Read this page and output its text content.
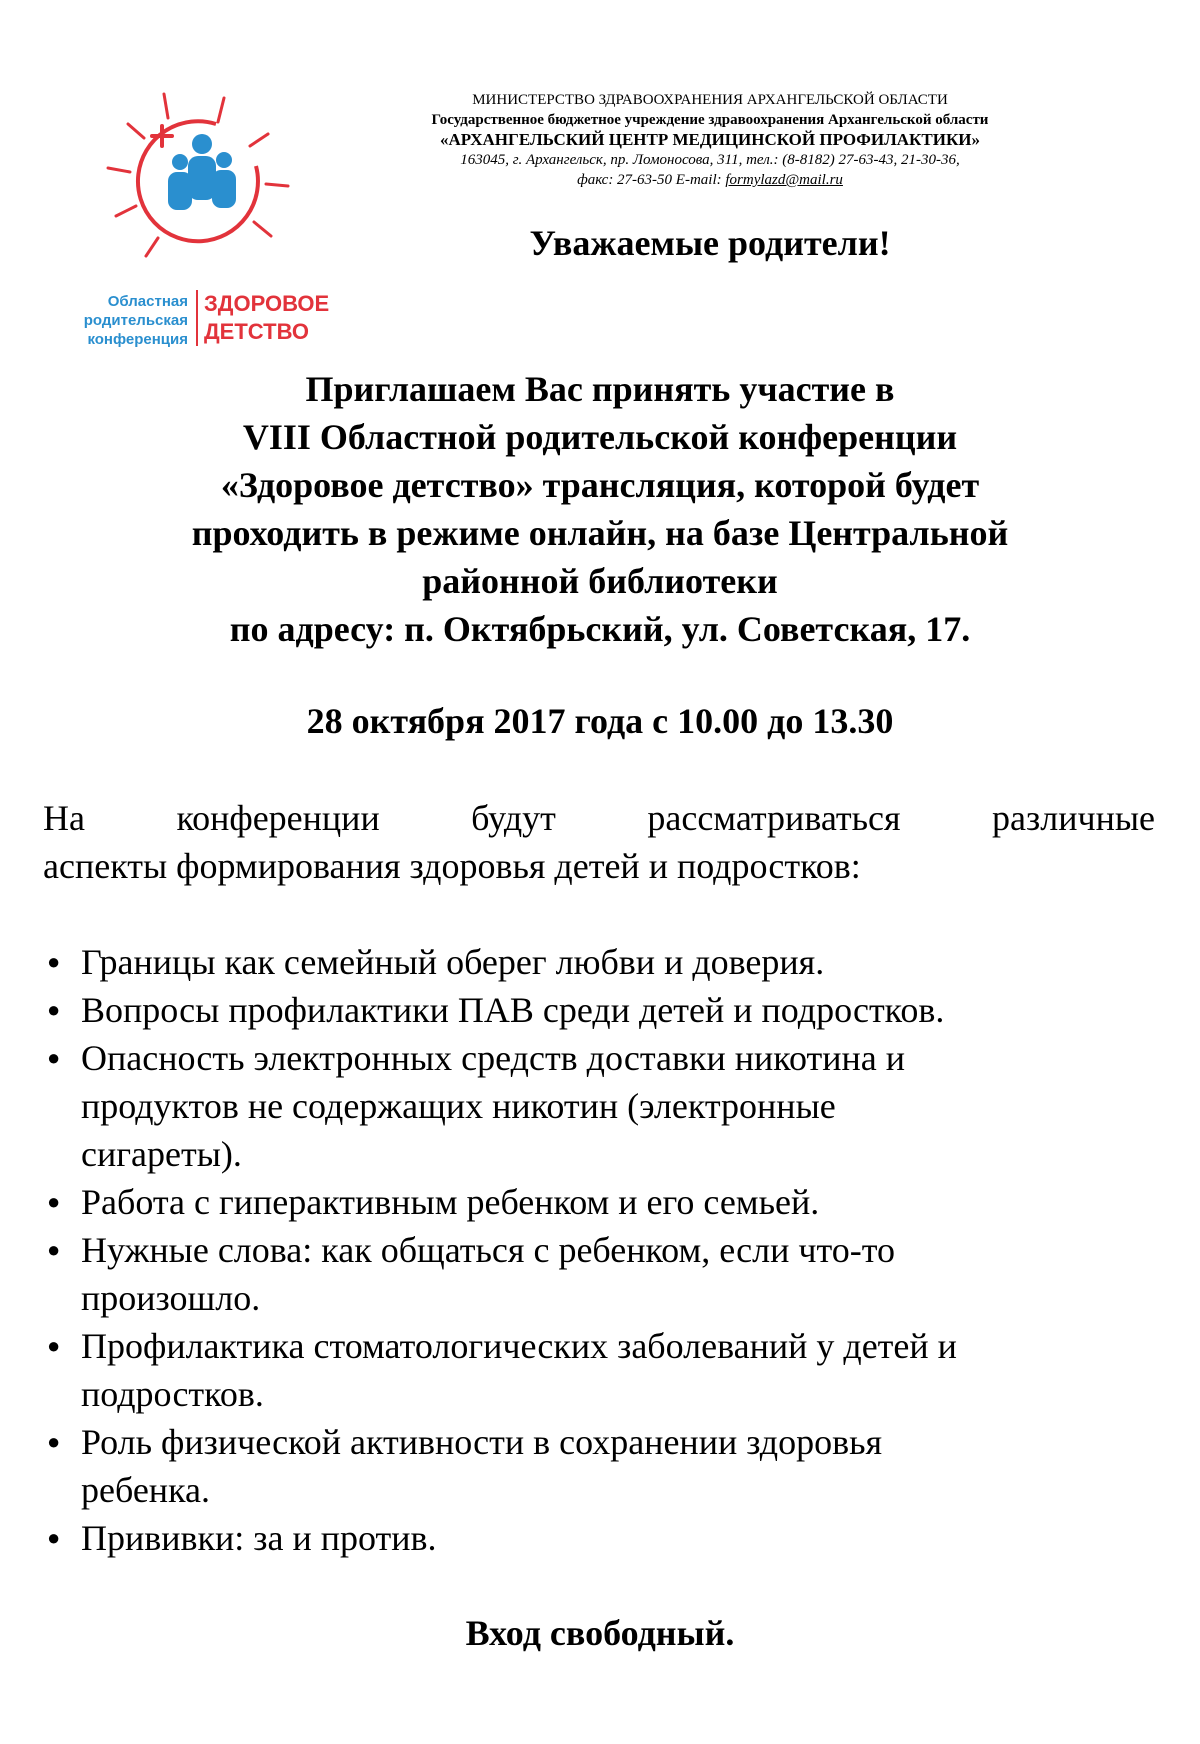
Областная
родительская
конференция
ЗДОРОВОЕ
ДЕТСТВО
МИНИСТЕРСТВО ЗДРАВООХРАНЕНИЯ АРХАНГЕЛЬСКОЙ ОБЛАСТИ
Государственное бюджетное учреждение здравоохранения Архангельской области
«АРХАНГЕЛЬСКИЙ ЦЕНТР МЕДИЦИНСКОЙ ПРОФИЛАКТИКИ»
163045, г. Архангельск, пр. Ломоносова, 311, тел.: (8-8182) 27-63-43, 21-30-36,
факс: 27-63-50 E-mail: formylazd@mail.ru
Уважаемые родители!
Приглашаем Вас принять участие в
VIII Областной родительской конференции
«Здоровое детство» трансляция, которой будет
проходить в режиме онлайн, на базе Центральной
районной библиотеки
по адресу: п. Октябрьский, ул. Советская, 17.
28 октября 2017 года с 10.00 до 13.30
На	конференции	будут	рассматриваться	различные
аспекты формирования здоровья детей и подростков:
● Границы как семейный оберег любви и доверия.
● Вопросы профилактики ПАВ среди детей и подростков.
● Опасность электронных средств доставки никотина и
продуктов не содержащих никотин (электронные
сигареты).
● Работа с гиперактивным ребенком и его семьей.
● Нужные слова: как общаться с ребенком, если что-то
произошло.
● Профилактика стоматологических заболеваний у детей и
подростков.
● Роль физической активности в сохранении здоровья
ребенка.
● Прививки: за и против.
Вход свободный.
